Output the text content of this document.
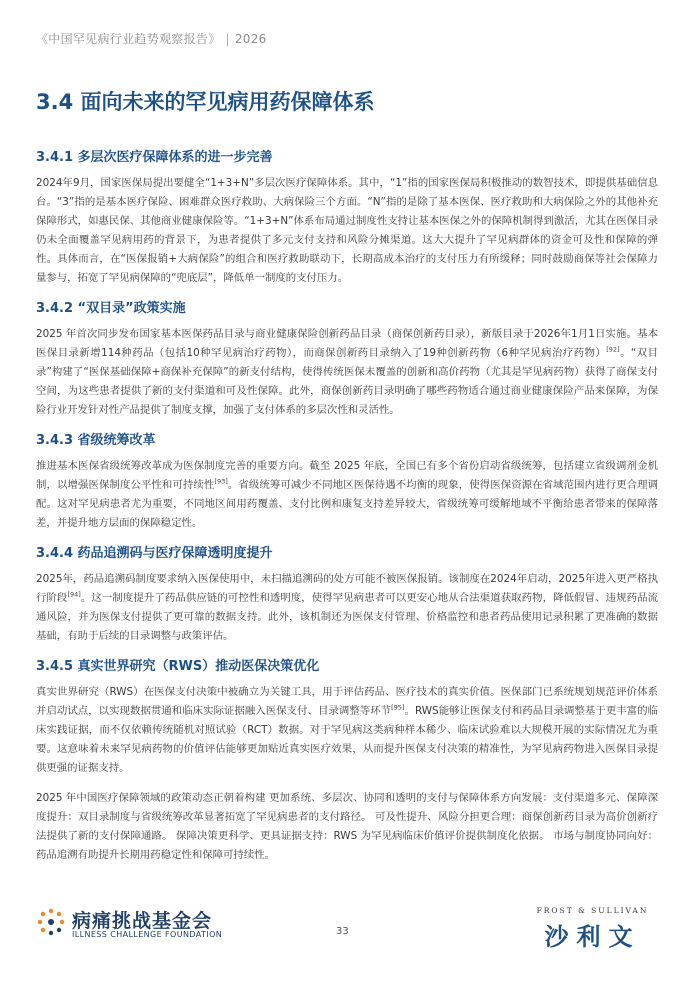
《中国罕见病行业趋势观察报告》 | 2026
3.4 面向未来的罕见病用药保障体系
3.4.1 多层次医疗保障体系的进一步完善

2024年9月，国家医保局提出要健全“1+3+N”多层次医疗保障体系。其中，“1”指的国家医保局积极推动的数智技术，即提供基础信息台。“3”指的是基本医疗保险、困难群众医疗救助、大病保险三个方面。“N”指的是除了基本医保、医疗救助和大病保险之外的其他补充保障形式，如惠民保、其他商业健康保险等。“1+3+N”体系布局通过制度性支持让基本医保之外的保障机制得到激活，尤其在医保目录仍未全面覆盖罕见病用药的背景下，为患者提供了多元支付支持和风险分摊渠道。这大大提升了罕见病群体的资金可及性和保障的弹性。具体而言，在“医保报销+大病保险”的组合和医疗救助联动下，长期高成本治疗的支付压力有所缓释；同时鼓励商保等社会保障力量参与，拓宽了罕见病保障的“兜底层”，降低单一制度的支付压力。

3.4.2 “双目录”政策实施

2025 年首次同步发布国家基本医保药品目录与商业健康保险创新药品目录（商保创新药目录），新版目录于2026年1月1日实施。基本医保目录新增114种药品（包括10种罕见病治疗药物），而商保创新药目录纳入了19种创新药物（6种罕见病治疗药物）[92]。“双目录”构建了“医保基础保障+商保补充保障”的新支付结构，使得传统医保未覆盖的创新和高价药物（尤其是罕见病药物）获得了商保支付空间，为这些患者提供了新的支付渠道和可及性保障。此外，商保创新药目录明确了哪些药物适合通过商业健康保险产品来保障，为保险行业开发针对性产品提供了制度支撑，加强了支付体系的多层次性和灵活性。

3.4.3 省级统筹改革

推进基本医保省级统筹改革成为医保制度完善的重要方向。截至 2025 年底，全国已有多个省份启动省级统筹，包括建立省级调剂金机制，以增强医保制度公平性和可持续性[93]。省级统筹可减少不同地区医保待遇不均衡的现象，使得医保资源在省域范围内进行更合理调配。这对罕见病患者尤为重要，不同地区间用药覆盖、支付比例和康复支持差异较大，省级统筹可缓解地域不平衡给患者带来的保障落差，并提升地方层面的保障稳定性。

3.4.4 药品追溯码与医疗保障透明度提升

2025年，药品追溯码制度要求纳入医保使用中，未扫描追溯码的处方可能不被医保报销。该制度在2024年启动，2025年进入更严格执行阶段[94]。这一制度提升了药品供应链的可控性和透明度，使得罕见病患者可以更安心地从合法渠道获取药物，降低假冒、违规药品流通风险，并为医保支付提供了更可靠的数据支持。此外，该机制还为医保支付管理、价格监控和患者药品使用记录积累了更准确的数据基础，有助于后续的目录调整与政策评估。

3.4.5 真实世界研究（RWS）推动医保决策优化

真实世界研究（RWS）在医保支付决策中被确立为关键工具，用于评估药品、医疗技术的真实价值。医保部门已系统规划规范评价体系并启动试点，以实现数据贯通和临床实际证据融入医保支付、目录调整等环节[95]。RWS能够让医保支付和药品目录调整基于更丰富的临床实践证据，而不仅依赖传统随机对照试验（RCT）数据。对于罕见病这类病种样本稀少、临床试验难以大规模开展的实际情况尤为重要。这意味着未来罕见病药物的价值评估能够更加贴近真实医疗效果，从而提升医保支付决策的精准性，为罕见病药物进入医保目录提供更强的证据支持。

2025 年中国医疗保障领域的政策动态正朝着构建 更加系统、多层次、协同和透明的支付与保障体系方向发展：支付渠道多元、保障深度提升：双目录制度与省级统筹改革显著拓宽了罕见病患者的支付路径。 可及性提升、风险分担更合理：商保创新药目录为高价创新疗法提供了新的支付保障通路。 保障决策更科学、更具证据支持：RWS 为罕见病临床价值评价提供制度化依据。 市场与制度协同向好：药品追溯有助提升长期用药稳定性和保障可持续性。

病痛挑战基金会
ILLNESS CHALLENGE FOUNDATION	33
FROST & SULLIVAN
沙利文
